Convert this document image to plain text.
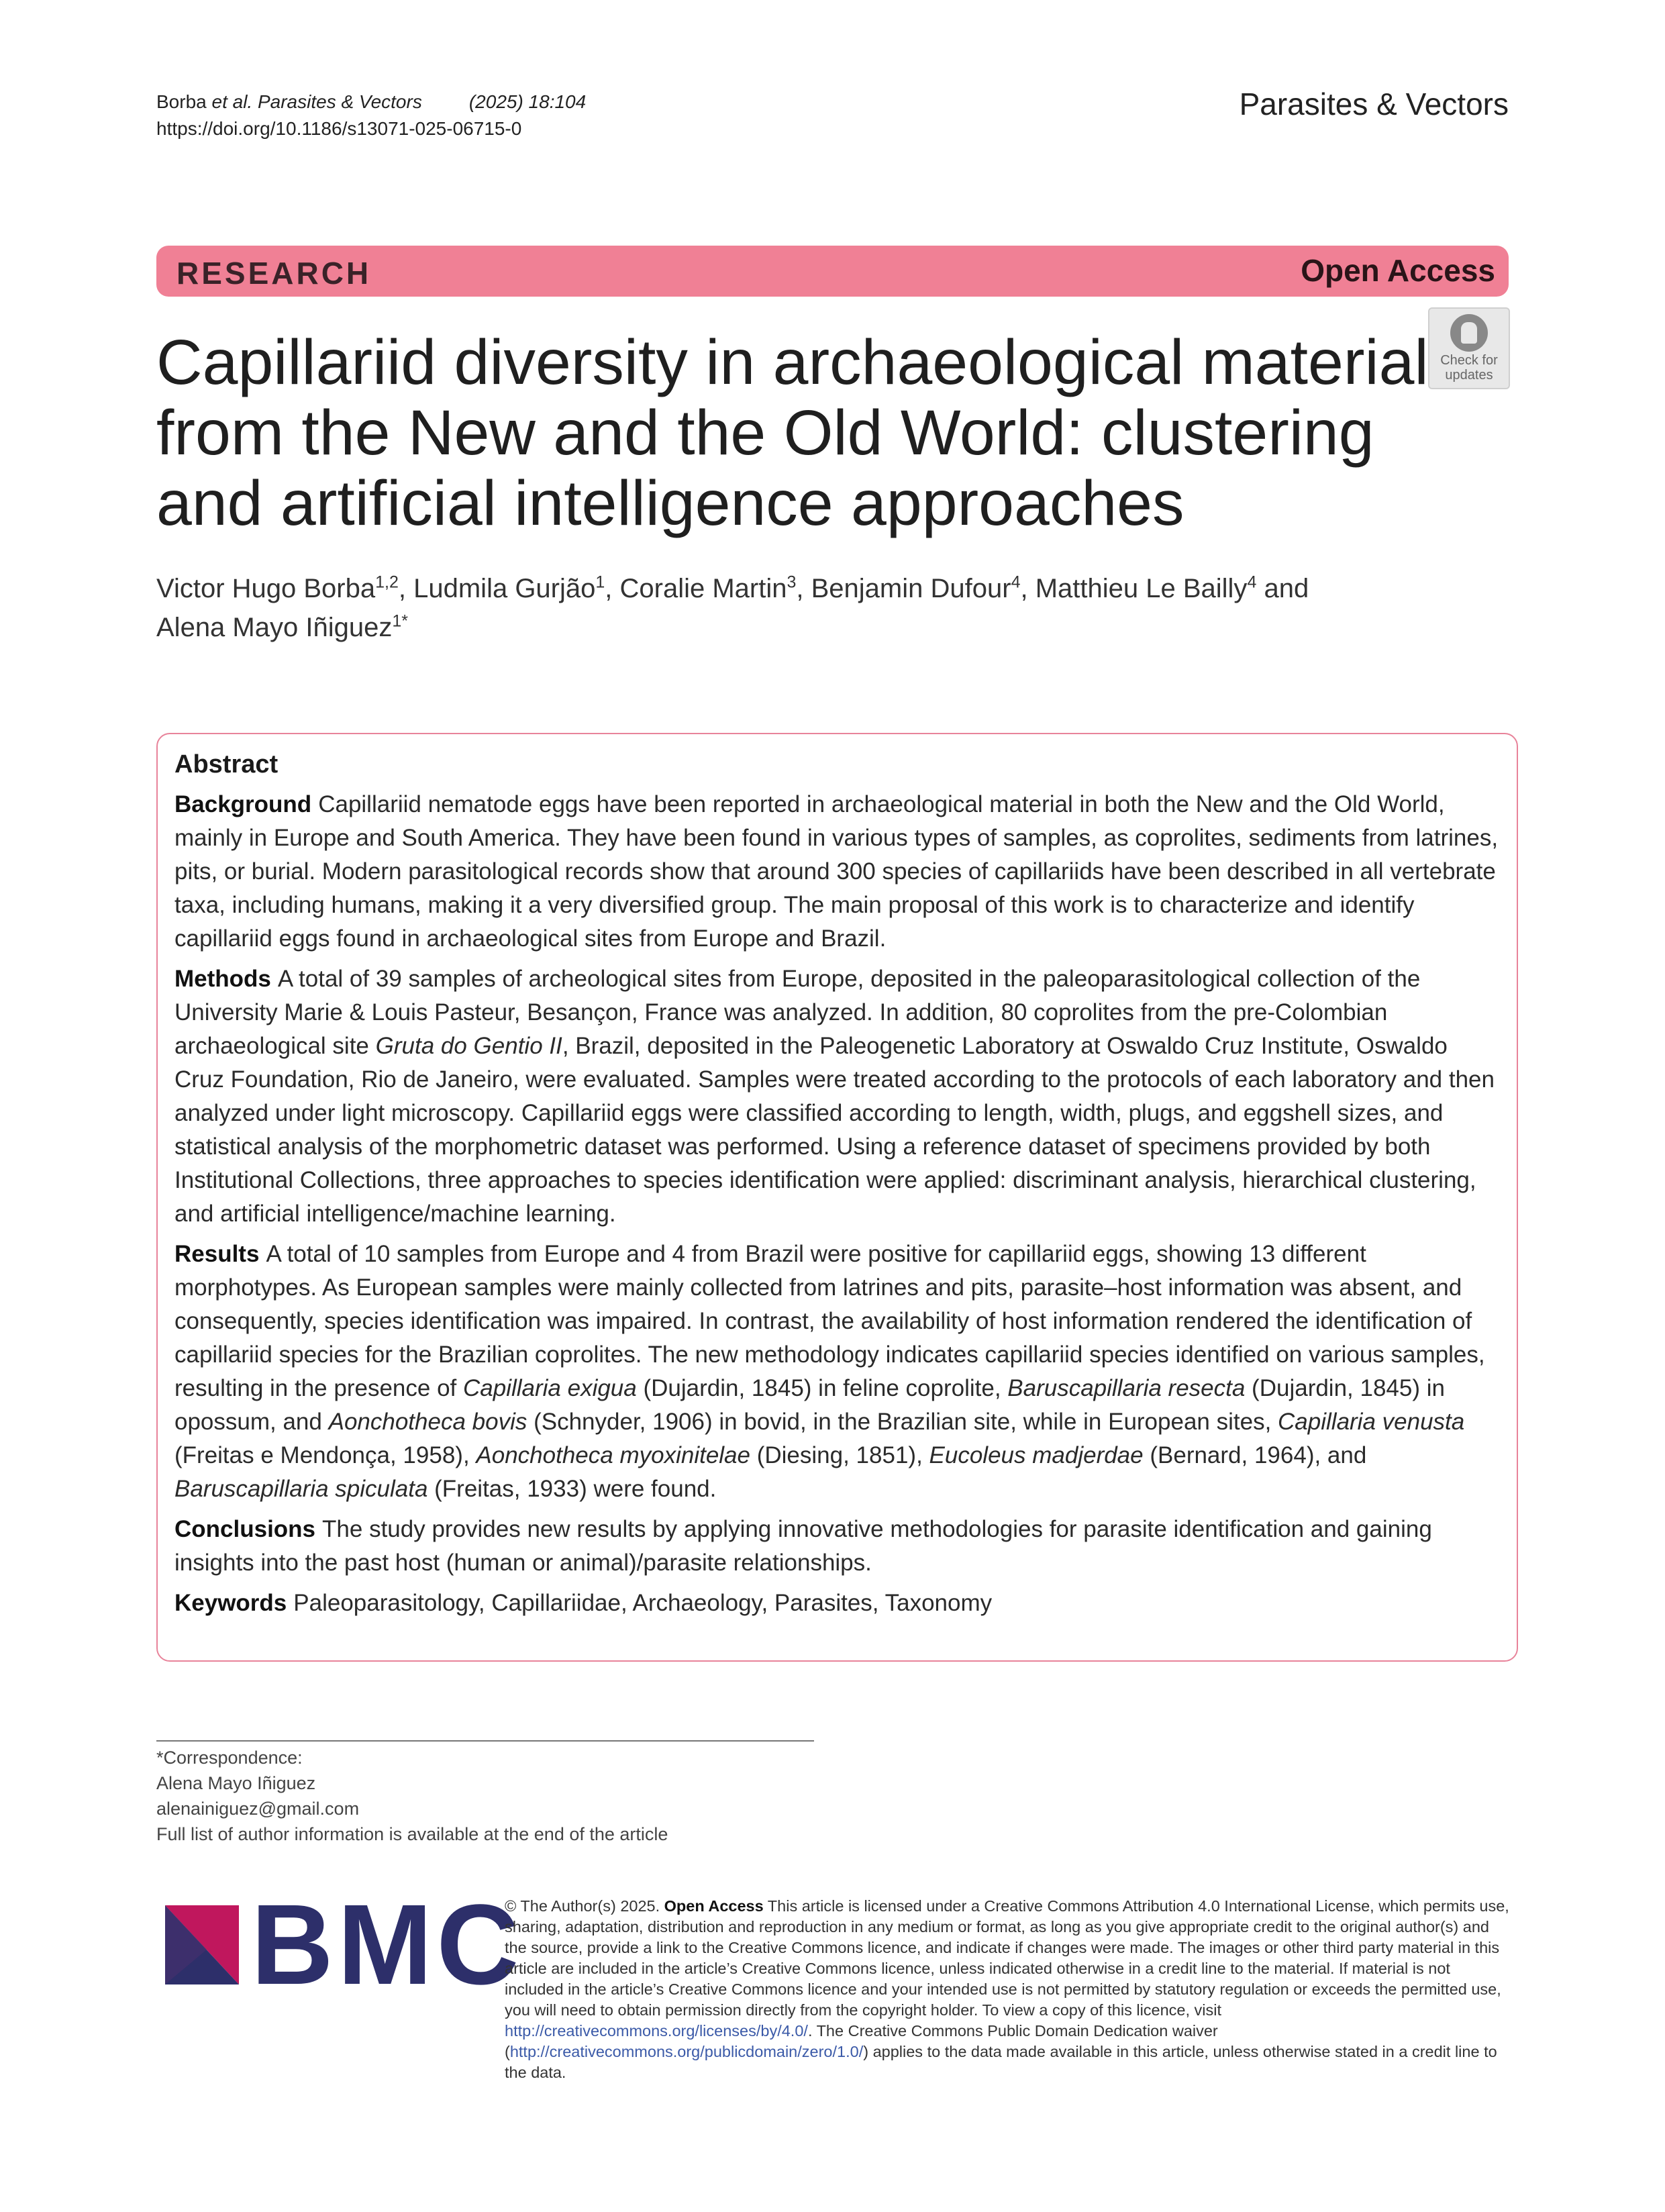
Borba et al. Parasites & Vectors	(2025) 18:104
https://doi.org/10.1186/s13071-025-06715-0
Parasites & Vectors
RESEARCH	Open Access
Check for
updates
Capillariid diversity in archaeological material from the New and the Old World: clustering and artificial intelligence approaches
Victor Hugo Borba$^{1,2}$, Ludmila Gurjão$^1$, Coralie Martin$^3$, Benjamin Dufour$^4$, Matthieu Le Bailly$^4$ and
Alena Mayo Iñiguez$^{1*}$
Abstract

Background Capillariid nematode eggs have been reported in archaeological material in both the New and the Old World, mainly in Europe and South America. They have been found in various types of samples, as coprolites, sediments from latrines, pits, or burial. Modern parasitological records show that around 300 species of capillariids have been described in all vertebrate taxa, including humans, making it a very diversified group. The main proposal of this work is to characterize and identify capillariid eggs found in archaeological sites from Europe and Brazil.

Methods A total of 39 samples of archeological sites from Europe, deposited in the paleoparasitological collection of the University Marie & Louis Pasteur, Besançon, France was analyzed. In addition, 80 coprolites from the pre-Colombian archaeological site Gruta do Gentio II, Brazil, deposited in the Paleogenetic Laboratory at Oswaldo Cruz Institute, Oswaldo Cruz Foundation, Rio de Janeiro, were evaluated. Samples were treated according to the protocols of each laboratory and then analyzed under light microscopy. Capillariid eggs were classified according to length, width, plugs, and eggshell sizes, and statistical analysis of the morphometric dataset was performed. Using a reference dataset of specimens provided by both Institutional Collections, three approaches to species identification were applied: discriminant analysis, hierarchical clustering, and artificial intelligence/machine learning.

Results A total of 10 samples from Europe and 4 from Brazil were positive for capillariid eggs, showing 13 different morphotypes. As European samples were mainly collected from latrines and pits, parasite–host information was absent, and consequently, species identification was impaired. In contrast, the availability of host information rendered the identification of capillariid species for the Brazilian coprolites. The new methodology indicates capillariid species identified on various samples, resulting in the presence of Capillaria exigua (Dujardin, 1845) in feline coprolite, Baruscapillaria resecta (Dujardin, 1845) in opossum, and Aonchotheca bovis (Schnyder, 1906) in bovid, in the Brazilian site, while in European sites, Capillaria venusta (Freitas e Mendonça, 1958), Aonchotheca myoxinitelae (Diesing, 1851), Eucoleus madjerdae (Bernard, 1964), and Baruscapillaria spiculata (Freitas, 1933) were found.

Conclusions The study provides new results by applying innovative methodologies for parasite identification and gaining insights into the past host (human or animal)/parasite relationships.

Keywords Paleoparasitology, Capillariidae, Archaeology, Parasites, Taxonomy

*Correspondence:
Alena Mayo Iñiguez
alenainiguez@gmail.com
Full list of author information is available at the end of the article
BMC
© The Author(s) 2025. Open Access This article is licensed under a Creative Commons Attribution 4.0 International License, which permits use, sharing, adaptation, distribution and reproduction in any medium or format, as long as you give appropriate credit to the original author(s) and the source, provide a link to the Creative Commons licence, and indicate if changes were made. The images or other third party material in this article are included in the article’s Creative Commons licence, unless indicated otherwise in a credit line to the material. If material is not included in the article’s Creative Commons licence and your intended use is not permitted by statutory regulation or exceeds the permitted use, you will need to obtain permission directly from the copyright holder. To view a copy of this licence, visit http://creativecommons.org/licenses/by/4.0/. The Creative Commons Public Domain Dedication waiver (http://creativecommons.org/publicdomain/zero/1.0/) applies to the data made available in this article, unless otherwise stated in a credit line to the data.
